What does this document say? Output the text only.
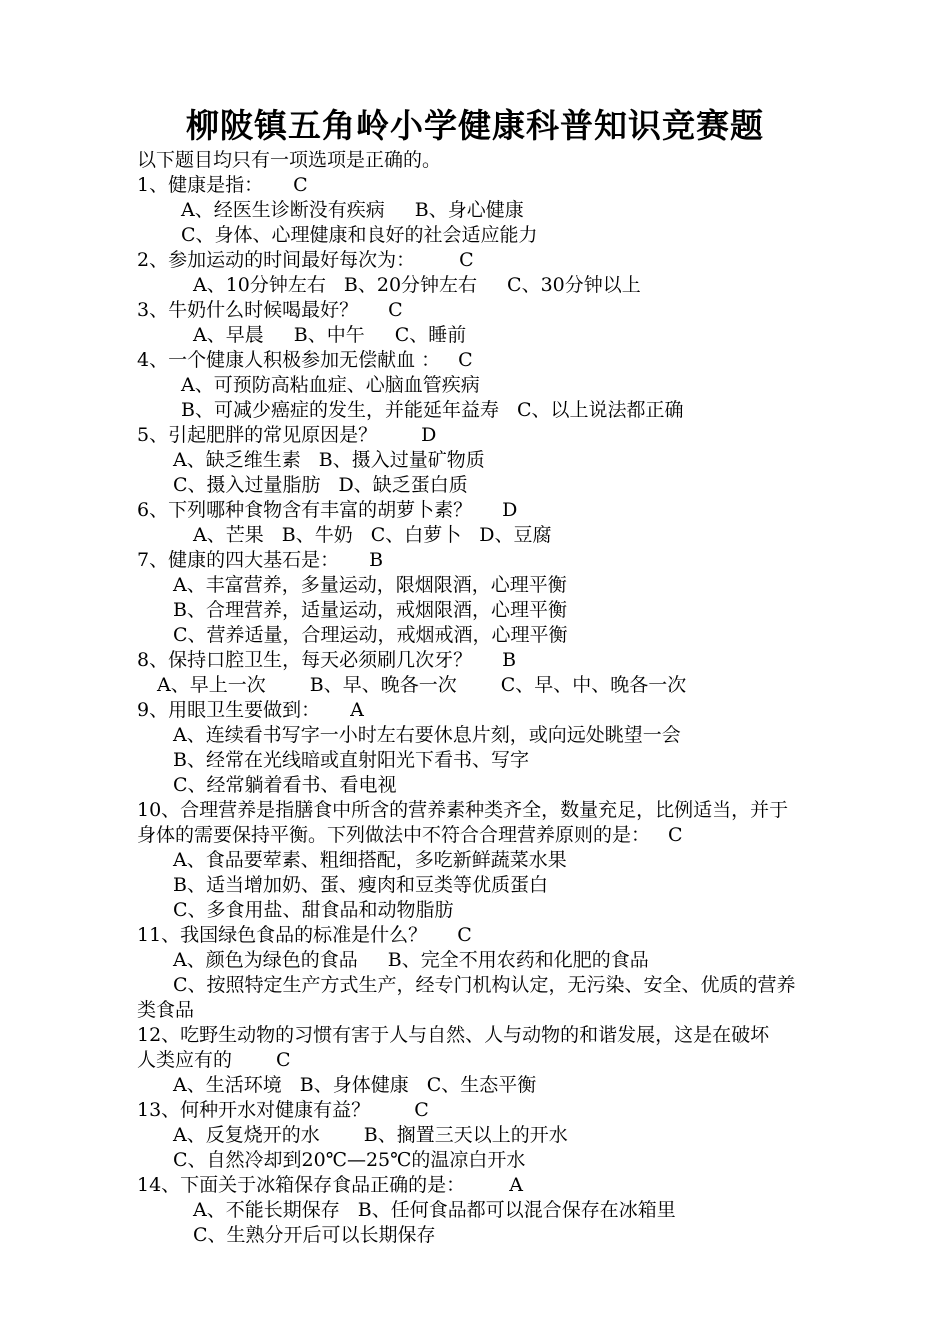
柳陂镇五角岭小学健康科普知识竞赛题
以下题目均只有一项选项是正确的。
1、健康是指： C
A、经医生诊断没有疾病 B、身心健康
C、身体、心理健康和良好的社会适应能力
2、参加运动的时间最好每次为： C
A、10分钟左右 B、20分钟左右 C、30分钟以上
3、牛奶什么时候喝最好？ C
A、早晨 B、中午 C、睡前
4、一个健康人积极参加无偿献血 ： C
A、可预防高粘血症、心脑血管疾病
B、可减少癌症的发生，并能延年益寿 C、以上说法都正确
5、引起肥胖的常见原因是？ D
A、缺乏维生素 B、摄入过量矿物质
C、摄入过量脂肪 D、缺乏蛋白质
6、下列哪种食物含有丰富的胡萝卜素？ D
A、芒果 B、牛奶 C、白萝卜 D、豆腐
7、健康的四大基石是： B
A、丰富营养，多量运动，限烟限酒，心理平衡
B、合理营养，适量运动，戒烟限酒，心理平衡
C、营养适量，合理运动，戒烟戒酒，心理平衡
8、保持口腔卫生，每天必须刷几次牙？ B
A、早上一次 B、早、晚各一次 C、早、中、晚各一次
9、用眼卫生要做到： A
A、连续看书写字一小时左右要休息片刻，或向远处眺望一会
B、经常在光线暗或直射阳光下看书、写字
C、经常躺着看书、看电视
10、合理营养是指膳食中所含的营养素种类齐全，数量充足，比例适当，并于
身体的需要保持平衡。下列做法中不符合合理营养原则的是： C
A、食品要荤素、粗细搭配，多吃新鲜蔬菜水果
B、适当增加奶、蛋、瘦肉和豆类等优质蛋白
C、多食用盐、甜食品和动物脂肪
11、我国绿色食品的标准是什么？ C
A、颜色为绿色的食品 B、完全不用农药和化肥的食品
C、按照特定生产方式生产，经专门机构认定，无污染、安全、优质的营养
类食品
12、吃野生动物的习惯有害于人与自然、人与动物的和谐发展，这是在破坏
人类应有的 C
A、生活环境 B、身体健康 C、生态平衡
13、何种开水对健康有益？ C
A、反复烧开的水 B、搁置三天以上的开水
C、自然冷却到20℃—25℃的温凉白开水
14、下面关于冰箱保存食品正确的是： A
A、不能长期保存 B、任何食品都可以混合保存在冰箱里
C、生熟分开后可以长期保存
